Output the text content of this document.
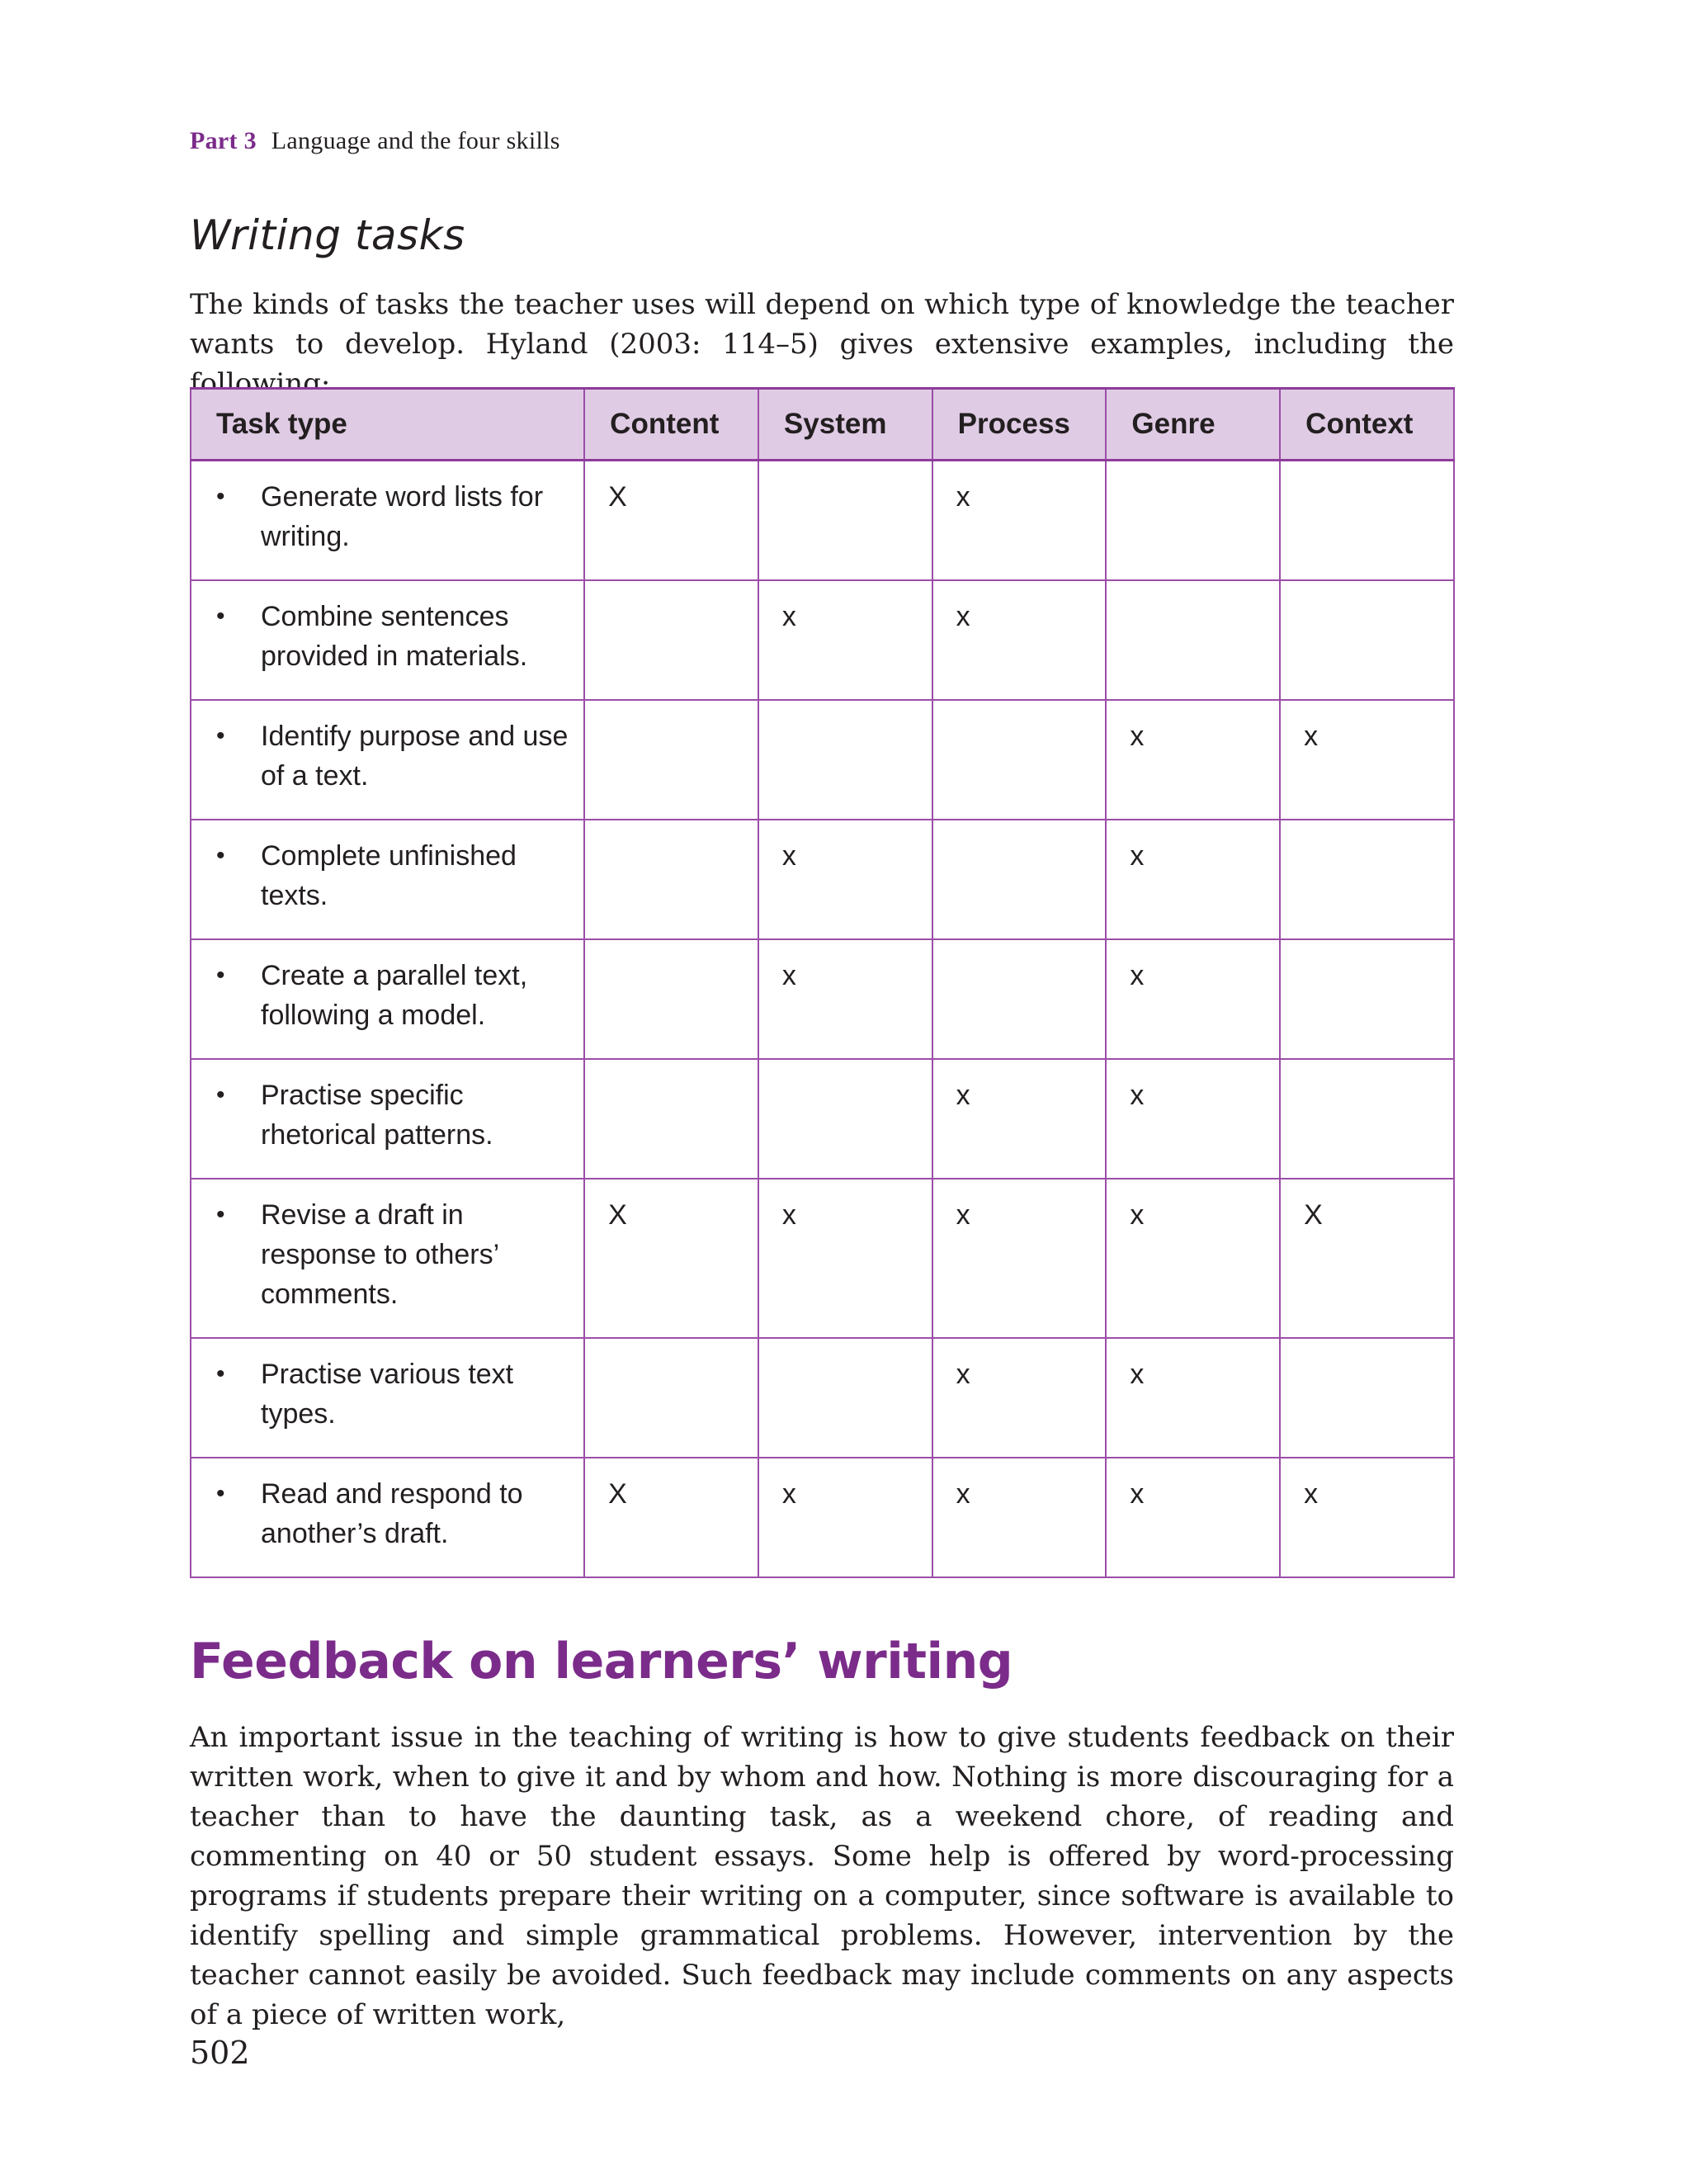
Part 3 Language and the four skills
Writing tasks

The kinds of tasks the teacher uses will depend on which type of knowledge the teacher wants to develop. Hyland (2003: 114–5) gives extensive examples, including the following:

Task type	Content	System	Process	Genre	Context

• Generate word lists for writing.	X		x		

• Combine sentences provided in materials.		x	x		

• Identify purpose and use of a text.				x	x

• Complete unfinished texts.		x		x	

• Create a parallel text, following a model.		x		x	

• Practise specific rhetorical patterns.			x	x	

• Revise a draft in response to others’ comments.	X	x	x	x	X

• Practise various text types.			x	x	

• Read and respond to another’s draft.	X	x	x	x	x
Feedback on learners’ writing

An important issue in the teaching of writing is how to give students feedback on their written work, when to give it and by whom and how. Nothing is more discouraging for a teacher than to have the daunting task, as a weekend chore, of reading and commenting on 40 or 50 student essays. Some help is offered by word-processing programs if students prepare their writing on a computer, since software is available to identify spelling and simple grammatical problems. However, intervention by the teacher cannot easily be avoided. Such feedback may include comments on any aspects of a piece of written work,

502
